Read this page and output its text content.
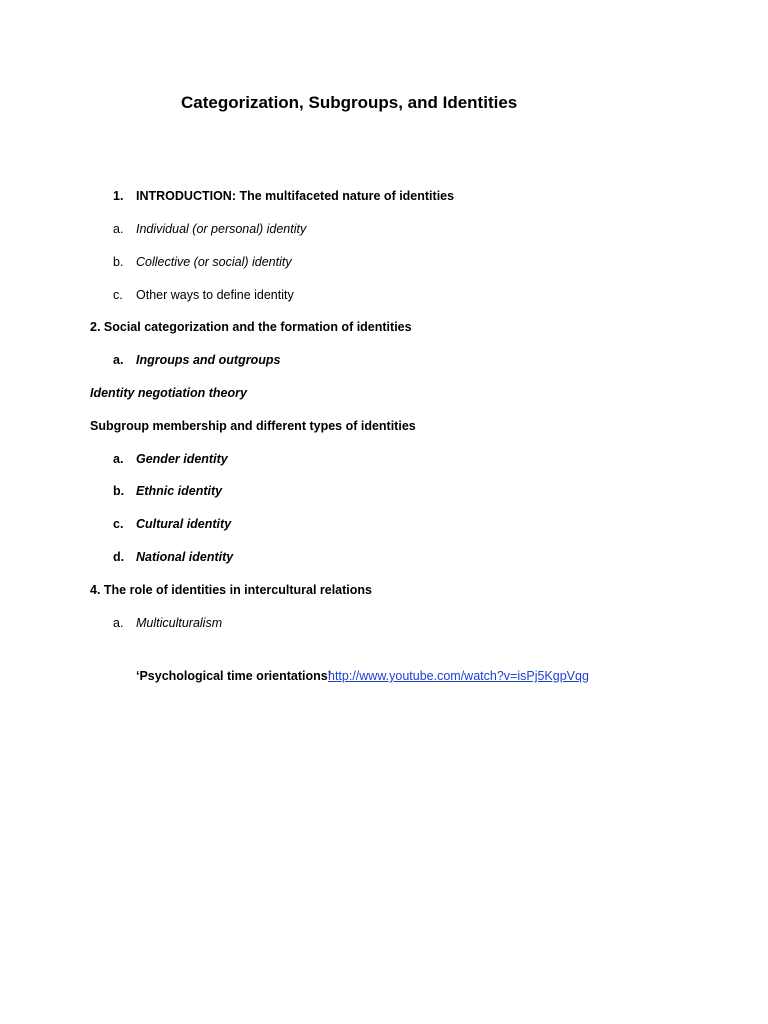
Categorization, Subgroups, and Identities
1. INTRODUCTION: The multifaceted nature of identities
a. Individual (or personal) identity
b. Collective (or social) identity
c. Other ways to define identity
2. Social categorization and the formation of identities
a. Ingroups and outgroups
Identity negotiation theory
Subgroup membership and different types of identities
a. Gender identity
b. Ethnic identity
c. Cultural identity
d. National identity
4. The role of identities in intercultural relations
a. Multiculturalism
‘Psychological time orientations’
http://www.youtube.com/watch?v=isPj5KgpVqg
